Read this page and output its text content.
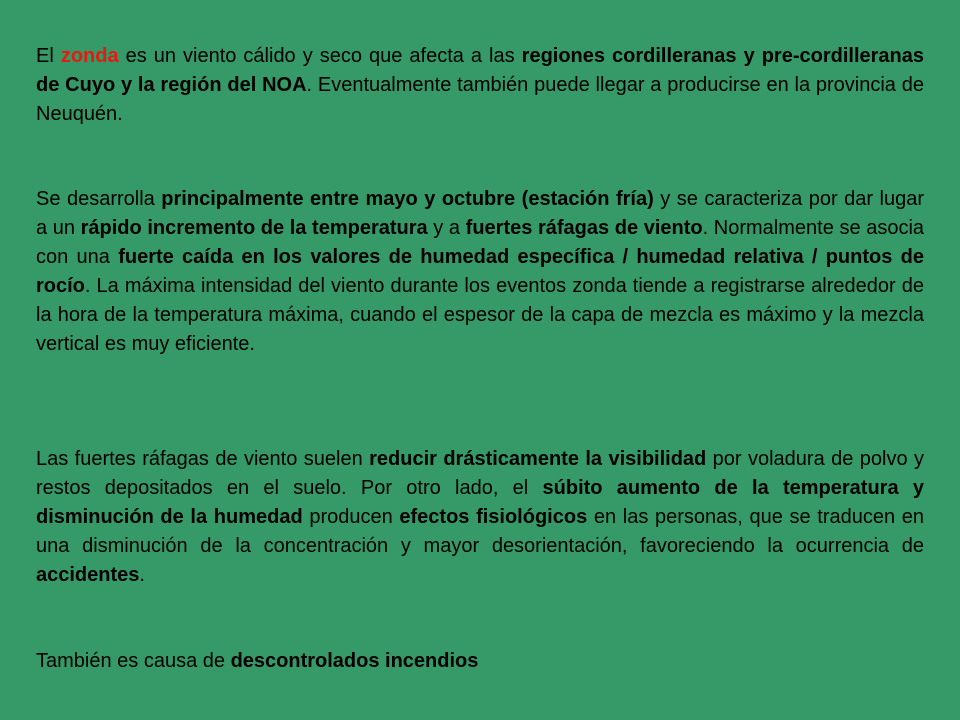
El zonda es un viento cálido y seco que afecta a las regiones cordilleranas y pre-cordilleranas de Cuyo y la región del NOA. Eventualmente también puede llegar a producirse en la provincia de Neuquén.

Se desarrolla principalmente entre mayo y octubre (estación fría) y se caracteriza por dar lugar a un rápido incremento de la temperatura y a fuertes ráfagas de viento. Normalmente se asocia con una fuerte caída en los valores de humedad específica / humedad relativa / puntos de rocío. La máxima intensidad del viento durante los eventos zonda tiende a registrarse alrededor de la hora de la temperatura máxima, cuando el espesor de la capa de mezcla es máximo y la mezcla vertical es muy eficiente.

Las fuertes ráfagas de viento suelen reducir drásticamente la visibilidad por voladura de polvo y restos depositados en el suelo. Por otro lado, el súbito aumento de la temperatura y disminución de la humedad producen efectos fisiológicos en las personas, que se traducen en una disminución de la concentración y mayor desorientación, favoreciendo la ocurrencia de accidentes.

También es causa de descontrolados incendios
